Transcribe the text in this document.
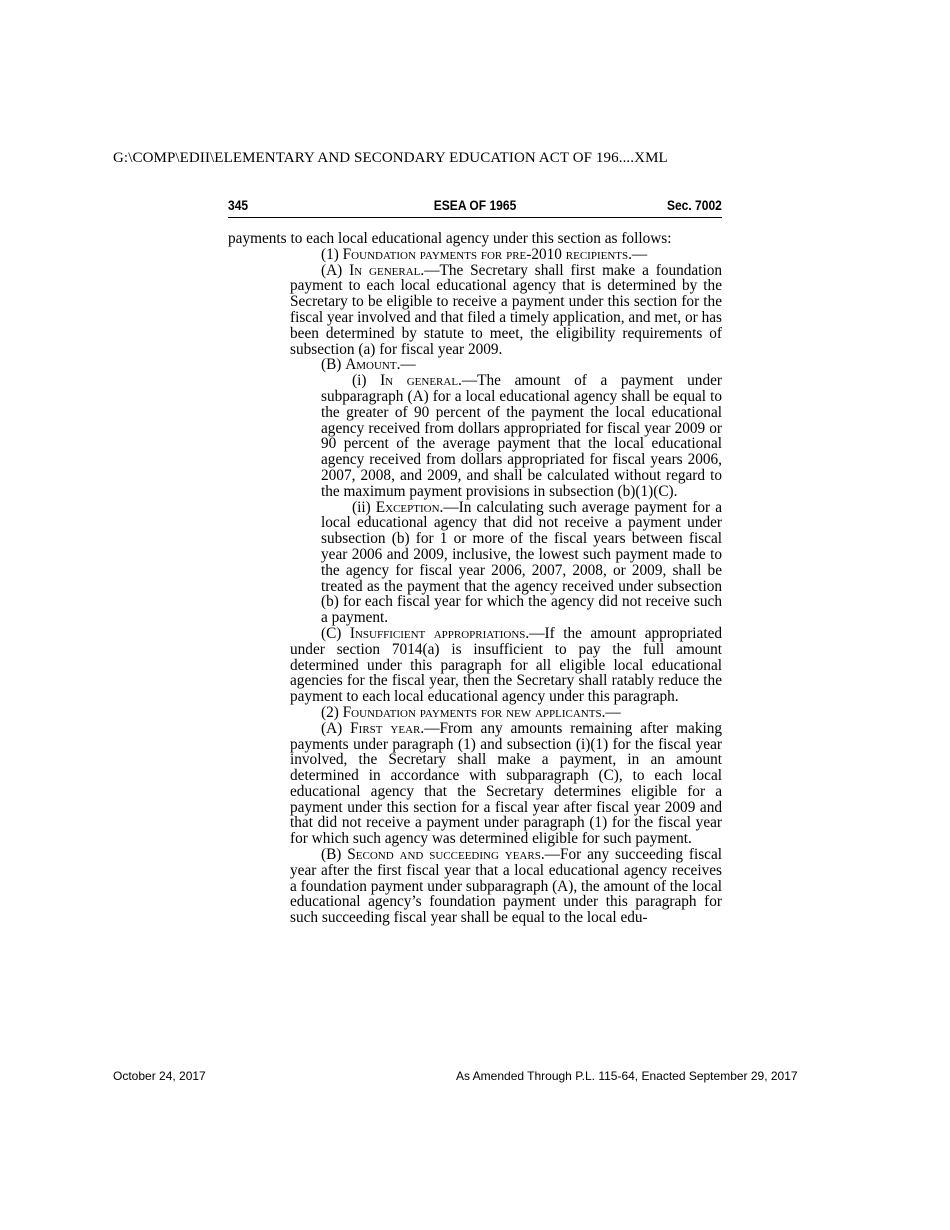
G:\COMP\EDII\ELEMENTARY AND SECONDARY EDUCATION ACT OF 196....XML
345	ESEA OF 1965	Sec. 7002

payments to each local educational agency under this section as follows:

(1) Foundation payments for pre-2010 recipients.—

(A) In general.—The Secretary shall first make a foundation payment to each local educational agency that is determined by the Secretary to be eligible to receive a payment under this section for the fiscal year involved and that filed a timely application, and met, or has been determined by statute to meet, the eligibility requirements of subsection (a) for fiscal year 2009.

(B) Amount.—

(i) In general.—The amount of a payment under subparagraph (A) for a local educational agency shall be equal to the greater of 90 percent of the payment the local educational agency received from dollars appropriated for fiscal year 2009 or 90 percent of the average payment that the local educational agency received from dollars appropriated for fiscal years 2006, 2007, 2008, and 2009, and shall be calculated without regard to the maximum payment provisions in subsection (b)(1)(C).

(ii) Exception.—In calculating such average payment for a local educational agency that did not receive a payment under subsection (b) for 1 or more of the fiscal years between fiscal year 2006 and 2009, inclusive, the lowest such payment made to the agency for fiscal year 2006, 2007, 2008, or 2009, shall be treated as the payment that the agency received under subsection (b) for each fiscal year for which the agency did not receive such a payment.

(C) Insufficient appropriations.—If the amount appropriated under section 7014(a) is insufficient to pay the full amount determined under this paragraph for all eligible local educational agencies for the fiscal year, then the Secretary shall ratably reduce the payment to each local educational agency under this paragraph.

(2) Foundation payments for new applicants.—

(A) First year.—From any amounts remaining after making payments under paragraph (1) and subsection (i)(1) for the fiscal year involved, the Secretary shall make a payment, in an amount determined in accordance with subparagraph (C), to each local educational agency that the Secretary determines eligible for a payment under this section for a fiscal year after fiscal year 2009 and that did not receive a payment under paragraph (1) for the fiscal year for which such agency was determined eligible for such payment.

(B) Second and succeeding years.—For any succeeding fiscal year after the first fiscal year that a local educational agency receives a foundation payment under subparagraph (A), the amount of the local educational agency’s foundation payment under this paragraph for such succeeding fiscal year shall be equal to the local edu-

October 24, 2017	As Amended Through P.L. 115-64, Enacted September 29, 2017
